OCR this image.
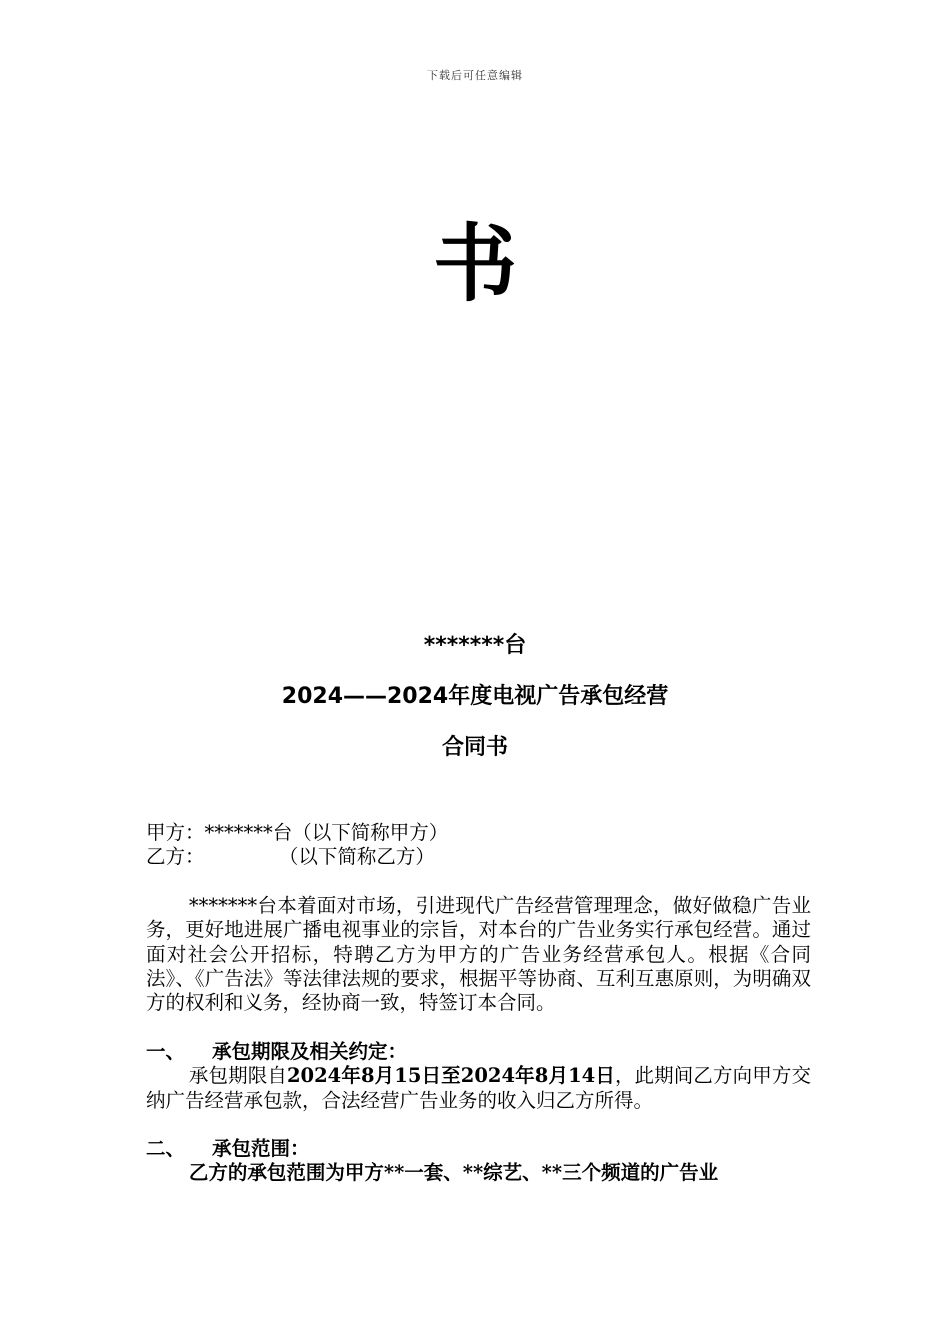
下载后可任意编辑
书
*******台
2024——2024年度电视广告承包经营
合同书

甲方：*******台（以下简称甲方）

乙方：            （以下简称乙方）

*******台本着面对市场，引进现代广告经营管理理念，做好做稳广告业务，更好地进展广播电视事业的宗旨，对本台的广告业务实行承包经营。通过面对社会公开招标，特聘乙方为甲方的广告业务经营承包人。根据《合同法》、《广告法》等法律法规的要求，根据平等协商、互利互惠原则，为明确双方的权利和义务，经协商一致，特签订本合同。

一、	承包期限及相关约定：

承包期限自2024年8月15日至2024年8月14日，此期间乙方向甲方交纳广告经营承包款，合法经营广告业务的收入归乙方所得。

二、	承包范围：

乙方的承包范围为甲方**一套、**综艺、**三个频道的广告业
